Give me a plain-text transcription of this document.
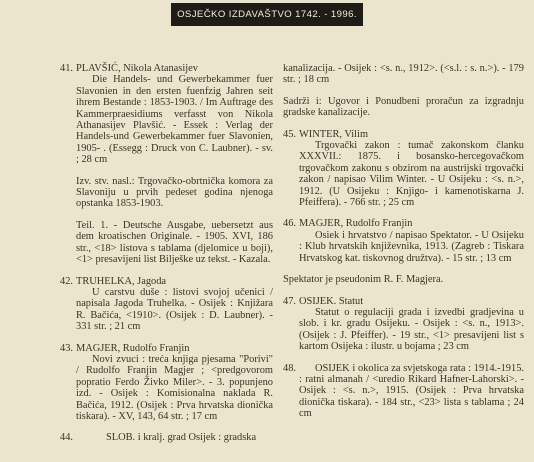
OSJEČKO IZDAVAŠTVO 1742. - 1996.
41. PLAVŠIĆ, Nikola Atanasijev
Die Handels- und Gewerbekammer fuer Slavonien in den ersten fuenfzig Jahren seit ihrem Bestande : 1853-1903. / Im Auftrage des Kammerpraesidiums verfasst von Nikola Athanasijev Plavšić. - Essek : Verlag der Handels-und Gewerbekammer fuer Slavonien, 1905- . (Essegg : Druck von C. Laubner). - sv. ; 28 cm
Izv. stv. nasl.: Trgovačko-obrtnička komora za Slavoniju u prvih pedeset godina njenoga opstanka 1853-1903.
Teil. 1. - Deutsche Ausgabe, uebersetzt aus dem kroatischen Originale. - 1905. XVI, 186 str., <18> listova s tablama (djelomice u boji), <1> presavijeni list Bilješke uz tekst. - Kazala.
42. TRUHELKA, Jagoda
U carstvu duše : listovi svojoj učenici / napisala Jagoda Truhelka. - Osijek : Knjižara R. Bačića, <1910>. (Osijek : D. Laubner). - 331 str. ; 21 cm
43. MAGJER, Rudolfo Franjin
Novi zvuci : treća knjiga pjesama "Porivi" / Rudolfo Franjin Magjer ; <predgovorom popratio Ferdo Živko Miler>. - 3. popunjeno izd. - Osijek : Komisionalna naklada R. Bačića, 1912. (Osijek : Prva hrvatska dionička tiskara). - XV, 143, 64 str. ; 17 cm
44.	SLOB. i kralj. grad Osijek : gradska
kanalizacija. - Osijek : <s. n., 1912>. (<s.l. : s. n.>). - 179 str. ; 18 cm
Sadrži i: Ugovor i Ponudbeni proračun za izgradnju gradske kanalizacije.
45. WINTER, Vilim
Trgovački zakon : tumač zakonskom članku XXXVII.: 1875. i bosansko-hercegovačkom trgovačkom zakonu s obzirom na austrijski trgovački zakon / napisao Vilim Winter. - U Osijeku : <s. n.>, 1912. (U Osijeku : Knjigo- i kamenotiskarna J. Pfeiffera). - 766 str. ; 25 cm
46. MAGJER, Rudolfo Franjin
Osiek i hrvatstvo / napisao Spektator. - U Osijeku : Klub hrvatskih književnika, 1913. (Zagreb : Tiskara Hrvatskog kat. tiskovnog družtva). - 15 str. ; 13 cm
Spektator je pseudonim R. F. Magjera.
47. OSIJEK. Statut
Statut o regulaciji grada i izvedbi gradjevina u slob. i kr. gradu Osijeku. - Osijek : <s. n., 1913>. (Osijek : J. Pfeiffer). - 19 str., <1> presavijeni list s kartom Osijeka : ilustr. u bojama ; 23 cm
48.	OSIJEK i okolica za svjetskoga rata : 1914.-1915. : ratni almanah / <uredio Rikard Hafner-Lahorski>. - Osijek : <s. n.>, 1915. (Osijek : Prva hrvatska dionička tiskara). - 184 str., <23> lista s tablama ; 24 cm
